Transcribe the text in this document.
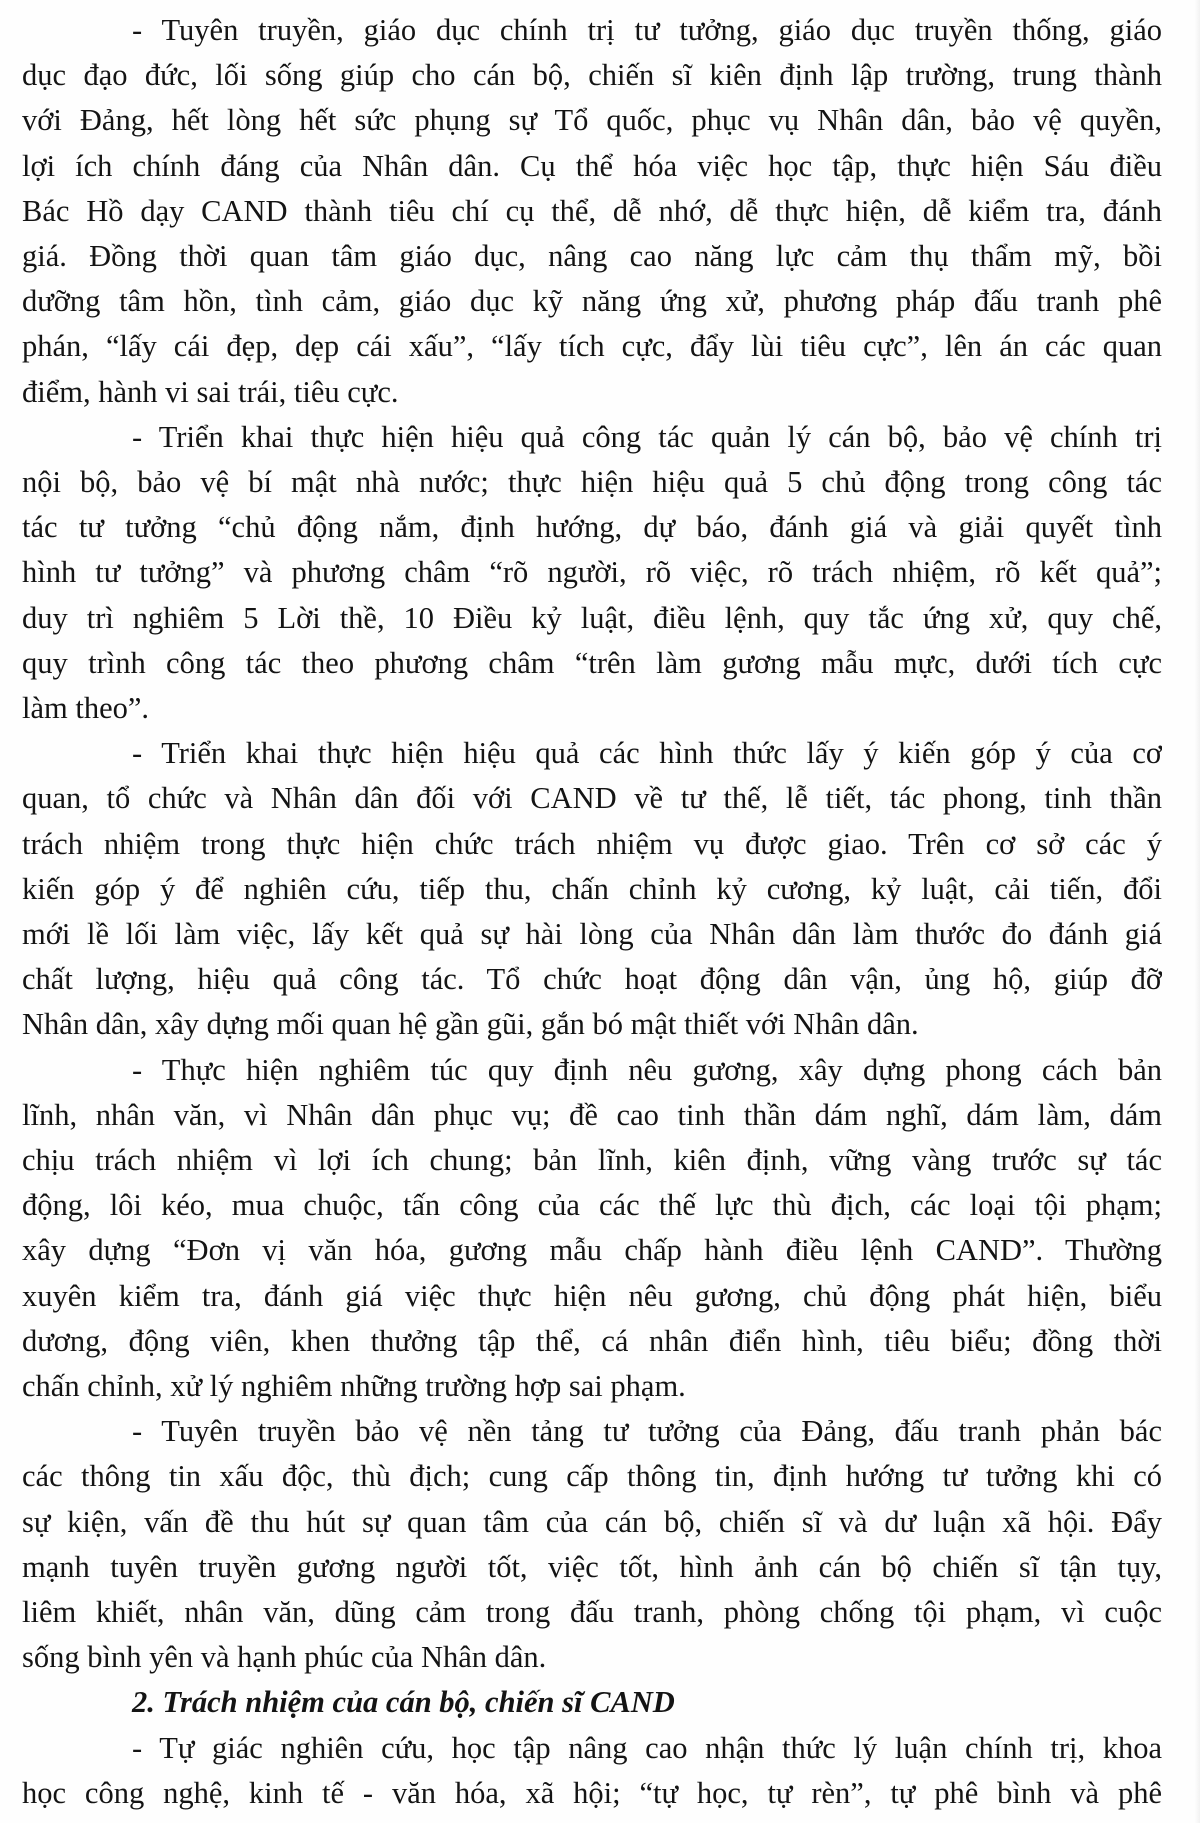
- Tuyên truyền, giáo dục chính trị tư tưởng, giáo dục truyền thống, giáo
dục đạo đức, lối sống giúp cho cán bộ, chiến sĩ kiên định lập trường, trung thành
với Đảng, hết lòng hết sức phụng sự Tổ quốc, phục vụ Nhân dân, bảo vệ quyền,
lợi ích chính đáng của Nhân dân. Cụ thể hóa việc học tập, thực hiện Sáu điều
Bác Hồ dạy CAND thành tiêu chí cụ thể, dễ nhớ, dễ thực hiện, dễ kiểm tra, đánh
giá. Đồng thời quan tâm giáo dục, nâng cao năng lực cảm thụ thẩm mỹ, bồi
dưỡng tâm hồn, tình cảm, giáo dục kỹ năng ứng xử, phương pháp đấu tranh phê
phán, “lấy cái đẹp, dẹp cái xấu”, “lấy tích cực, đẩy lùi tiêu cực”, lên án các quan
điểm, hành vi sai trái, tiêu cực.
- Triển khai thực hiện hiệu quả công tác quản lý cán bộ, bảo vệ chính trị
nội bộ, bảo vệ bí mật nhà nước; thực hiện hiệu quả 5 chủ động trong công tác
tác tư tưởng “chủ động nắm, định hướng, dự báo, đánh giá và giải quyết tình
hình tư tưởng” và phương châm “rõ người, rõ việc, rõ trách nhiệm, rõ kết quả”;
duy trì nghiêm 5 Lời thề, 10 Điều kỷ luật, điều lệnh, quy tắc ứng xử, quy chế,
quy trình công tác theo phương châm “trên làm gương mẫu mực, dưới tích cực
làm theo”.
- Triển khai thực hiện hiệu quả các hình thức lấy ý kiến góp ý của cơ
quan, tổ chức và Nhân dân đối với CAND về tư thế, lễ tiết, tác phong, tinh thần
trách nhiệm trong thực hiện chức trách nhiệm vụ được giao. Trên cơ sở các ý
kiến góp ý để nghiên cứu, tiếp thu, chấn chỉnh kỷ cương, kỷ luật, cải tiến, đổi
mới lề lối làm việc, lấy kết quả sự hài lòng của Nhân dân làm thước đo đánh giá
chất lượng, hiệu quả công tác. Tổ chức hoạt động dân vận, ủng hộ, giúp đỡ
Nhân dân, xây dựng mối quan hệ gần gũi, gắn bó mật thiết với Nhân dân.
- Thực hiện nghiêm túc quy định nêu gương, xây dựng phong cách bản
lĩnh, nhân văn, vì Nhân dân phục vụ; đề cao tinh thần dám nghĩ, dám làm, dám
chịu trách nhiệm vì lợi ích chung; bản lĩnh, kiên định, vững vàng trước sự tác
động, lôi kéo, mua chuộc, tấn công của các thế lực thù địch, các loại tội phạm;
xây dựng “Đơn vị văn hóa, gương mẫu chấp hành điều lệnh CAND”. Thường
xuyên kiểm tra, đánh giá việc thực hiện nêu gương, chủ động phát hiện, biểu
dương, động viên, khen thưởng tập thể, cá nhân điển hình, tiêu biểu; đồng thời
chấn chỉnh, xử lý nghiêm những trường hợp sai phạm.
- Tuyên truyền bảo vệ nền tảng tư tưởng của Đảng, đấu tranh phản bác
các thông tin xấu độc, thù địch; cung cấp thông tin, định hướng tư tưởng khi có
sự kiện, vấn đề thu hút sự quan tâm của cán bộ, chiến sĩ và dư luận xã hội. Đẩy
mạnh tuyên truyền gương người tốt, việc tốt, hình ảnh cán bộ chiến sĩ tận tụy,
liêm khiết, nhân văn, dũng cảm trong đấu tranh, phòng chống tội phạm, vì cuộc
sống bình yên và hạnh phúc của Nhân dân.
2. Trách nhiệm của cán bộ, chiến sĩ CAND
- Tự giác nghiên cứu, học tập nâng cao nhận thức lý luận chính trị, khoa
học công nghệ, kinh tế - văn hóa, xã hội; “tự học, tự rèn”, tự phê bình và phê
